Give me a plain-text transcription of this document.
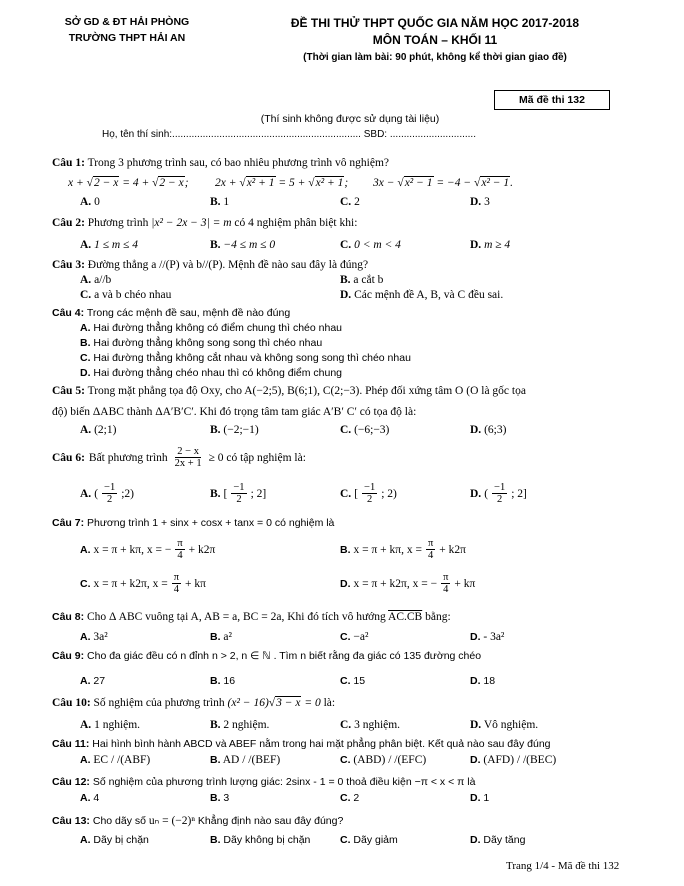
SỞ GD & ĐT HẢI PHÒNG
TRƯỜNG THPT HẢI AN
ĐỀ THI THỬ THPT QUỐC GIA NĂM HỌC 2017-2018
MÔN TOÁN – KHỐI 11
(Thời gian làm bài: 90 phút, không kể thời gian giao đề)
Mã đề thi 132
(Thí sinh không được sử dụng tài liệu)
Họ, tên thí sinh:.................................................................... SBD: ...............................
Câu 1: Trong 3 phương trình sau, có bao nhiêu phương trình vô nghiệm?
x + √2 − x = 4 + √2 − x; 2x + √x² + 1 = 5 + √x² + 1; 3x − √x² − 1 = −4 − √x² − 1.
A. 0	B. 1	C. 2	D. 3
Câu 2: Phương trình |x² − 2x − 3| = m có 4 nghiệm phân biệt khi:
A. 1 ≤ m ≤ 4	B. −4 ≤ m ≤ 0	C. 0 < m < 4	D. m ≥ 4
Câu 3: Đường thẳng a //(P) và b//(P). Mệnh đề nào sau đây là đúng?
A. a//b	B. a cắt b
C. a và b chéo nhau	D. Các mệnh đề A, B, và C đều sai.
Câu 4: Trong các mệnh đề sau, mệnh đề nào đúng
A. Hai đường thẳng không có điểm chung thì chéo nhau
B. Hai đường thẳng không song song thì chéo nhau
C. Hai đường thẳng không cắt nhau và không song song thì chéo nhau
D. Hai đường thẳng chéo nhau thì có không điểm chung
Câu 5: Trong mặt phẳng tọa độ Oxy, cho A(−2;5), B(6;1), C(2;−3). Phép đối xứng tâm O (O là gốc tọa
độ) biến ΔABC thành ΔA′B′C′. Khi đó trọng tâm tam giác A′B′ C′ có tọa độ là:
A. (2;1)	B. (−2;−1)	C. (−6;−3)	D. (6;3)
Câu 6: Bất phương trình $\frac{2 - x}{2x + 1} \ge 0$ có tập nghiệm là:
A. ( $\frac{-1}{2}$ ;2)	B. [ $\frac{-1}{2}$ ; 2]	C. [ $\frac{-1}{2}$ ; 2)	D. ( $\frac{-1}{2}$ ; 2]
Câu 7: Phương trình 1 + sinx + cosx + tanx = 0 có nghiệm là
A. x = π + kπ, x = − $\frac{\pi}{4} + k2\pi$	B. x = π + kπ, $x = \frac{\pi}{4} + k2\pi$
C. x = π + k2π, $x = \frac{\pi}{4} + k\pi$	D. x = π + k2π, x = − $\frac{\pi}{4} + k\pi$
Câu 8: Cho Δ ABC vuông tại A, AB = a, BC = 2a, Khi đó tích vô hướng AC.CB bằng:
A. 3a²	B. a²	C. −a²	D. - 3a²
Câu 9: Cho đa giác đều có n đỉnh n > 2, n ∈ ℕ . Tìm n biết rằng đa giác có 135 đường chéo
A. 27	B. 16	C. 15	D. 18
Câu 10: Số nghiệm của phương trình (x² − 16)√3 − x = 0 là:
A. 1 nghiệm.	B. 2 nghiệm.	C. 3 nghiệm.	D. Vô nghiệm.
Câu 11: Hai hình bình hành ABCD và ABEF nằm trong hai mặt phẳng phân biệt. Kết quả nào sau đây đúng
A. EC / /(ABF)	B. AD / /(BEF)	C. (ABD) / /(EFC)	D. (AFD) / /(BEC)
Câu 12: Số nghiệm của phương trình lượng giác: 2sinx - 1 = 0 thoả điều kiện −π < x < π là
A. 4	B. 3	C. 2	D. 1
Câu 13: Cho dãy số uₙ = (−2)ⁿ Khẳng định nào sau đây đúng?
A. Dãy bị chặn	B. Dãy không bị chặn	C. Dãy giảm	D. Dãy tăng
Trang 1/4 - Mã đề thi 132
